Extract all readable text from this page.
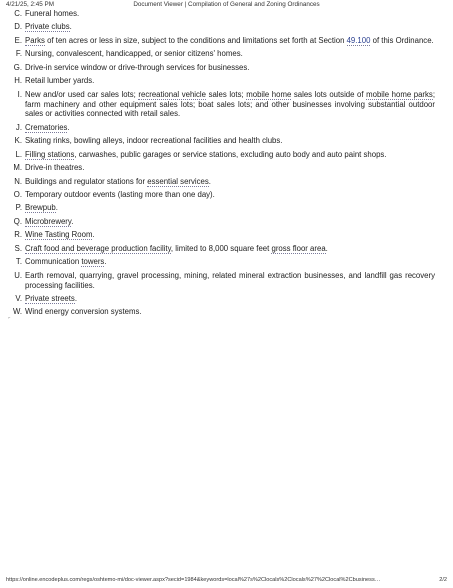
4/21/25, 2:45 PM	Document Viewer | Compilation of General and Zoning Ordinances
C. Funeral homes.
D. Private clubs.
E. Parks of ten acres or less in size, subject to the conditions and limitations set forth at Section 49.100 of this Ordinance.
F. Nursing, convalescent, handicapped, or senior citizens' homes.
G. Drive-in service window or drive-through services for businesses.
H. Retail lumber yards.
I. New and/or used car sales lots; recreational vehicle sales lots; mobile home sales lots outside of mobile home parks; farm machinery and other equipment sales lots; boat sales lots; and other businesses involving substantial outdoor sales or activities connected with retail sales.
J. Crematories.
K. Skating rinks, bowling alleys, indoor recreational facilities and health clubs.
L. Filling stations, carwashes, public garages or service stations, excluding auto body and auto paint shops.
M. Drive-in theatres.
N. Buildings and regulator stations for essential services.
O. Temporary outdoor events (lasting more than one day).
P. Brewpub.
Q. Microbrewery.
R. Wine Tasting Room.
S. Craft food and beverage production facility, limited to 8,000 square feet gross floor area.
T. Communication towers.
U. Earth removal, quarrying, gravel processing, mining, related mineral extraction businesses, and landfill gas recovery processing facilities.
V. Private streets.
W. Wind energy conversion systems.
⌐
https://online.encodeplus.com/regs/oshtemo-mi/doc-viewer.aspx?secid=1984&keywords=local%27s%2Clocals%2Clocals%27%2Clocal%2Cbusiness…	2/2
